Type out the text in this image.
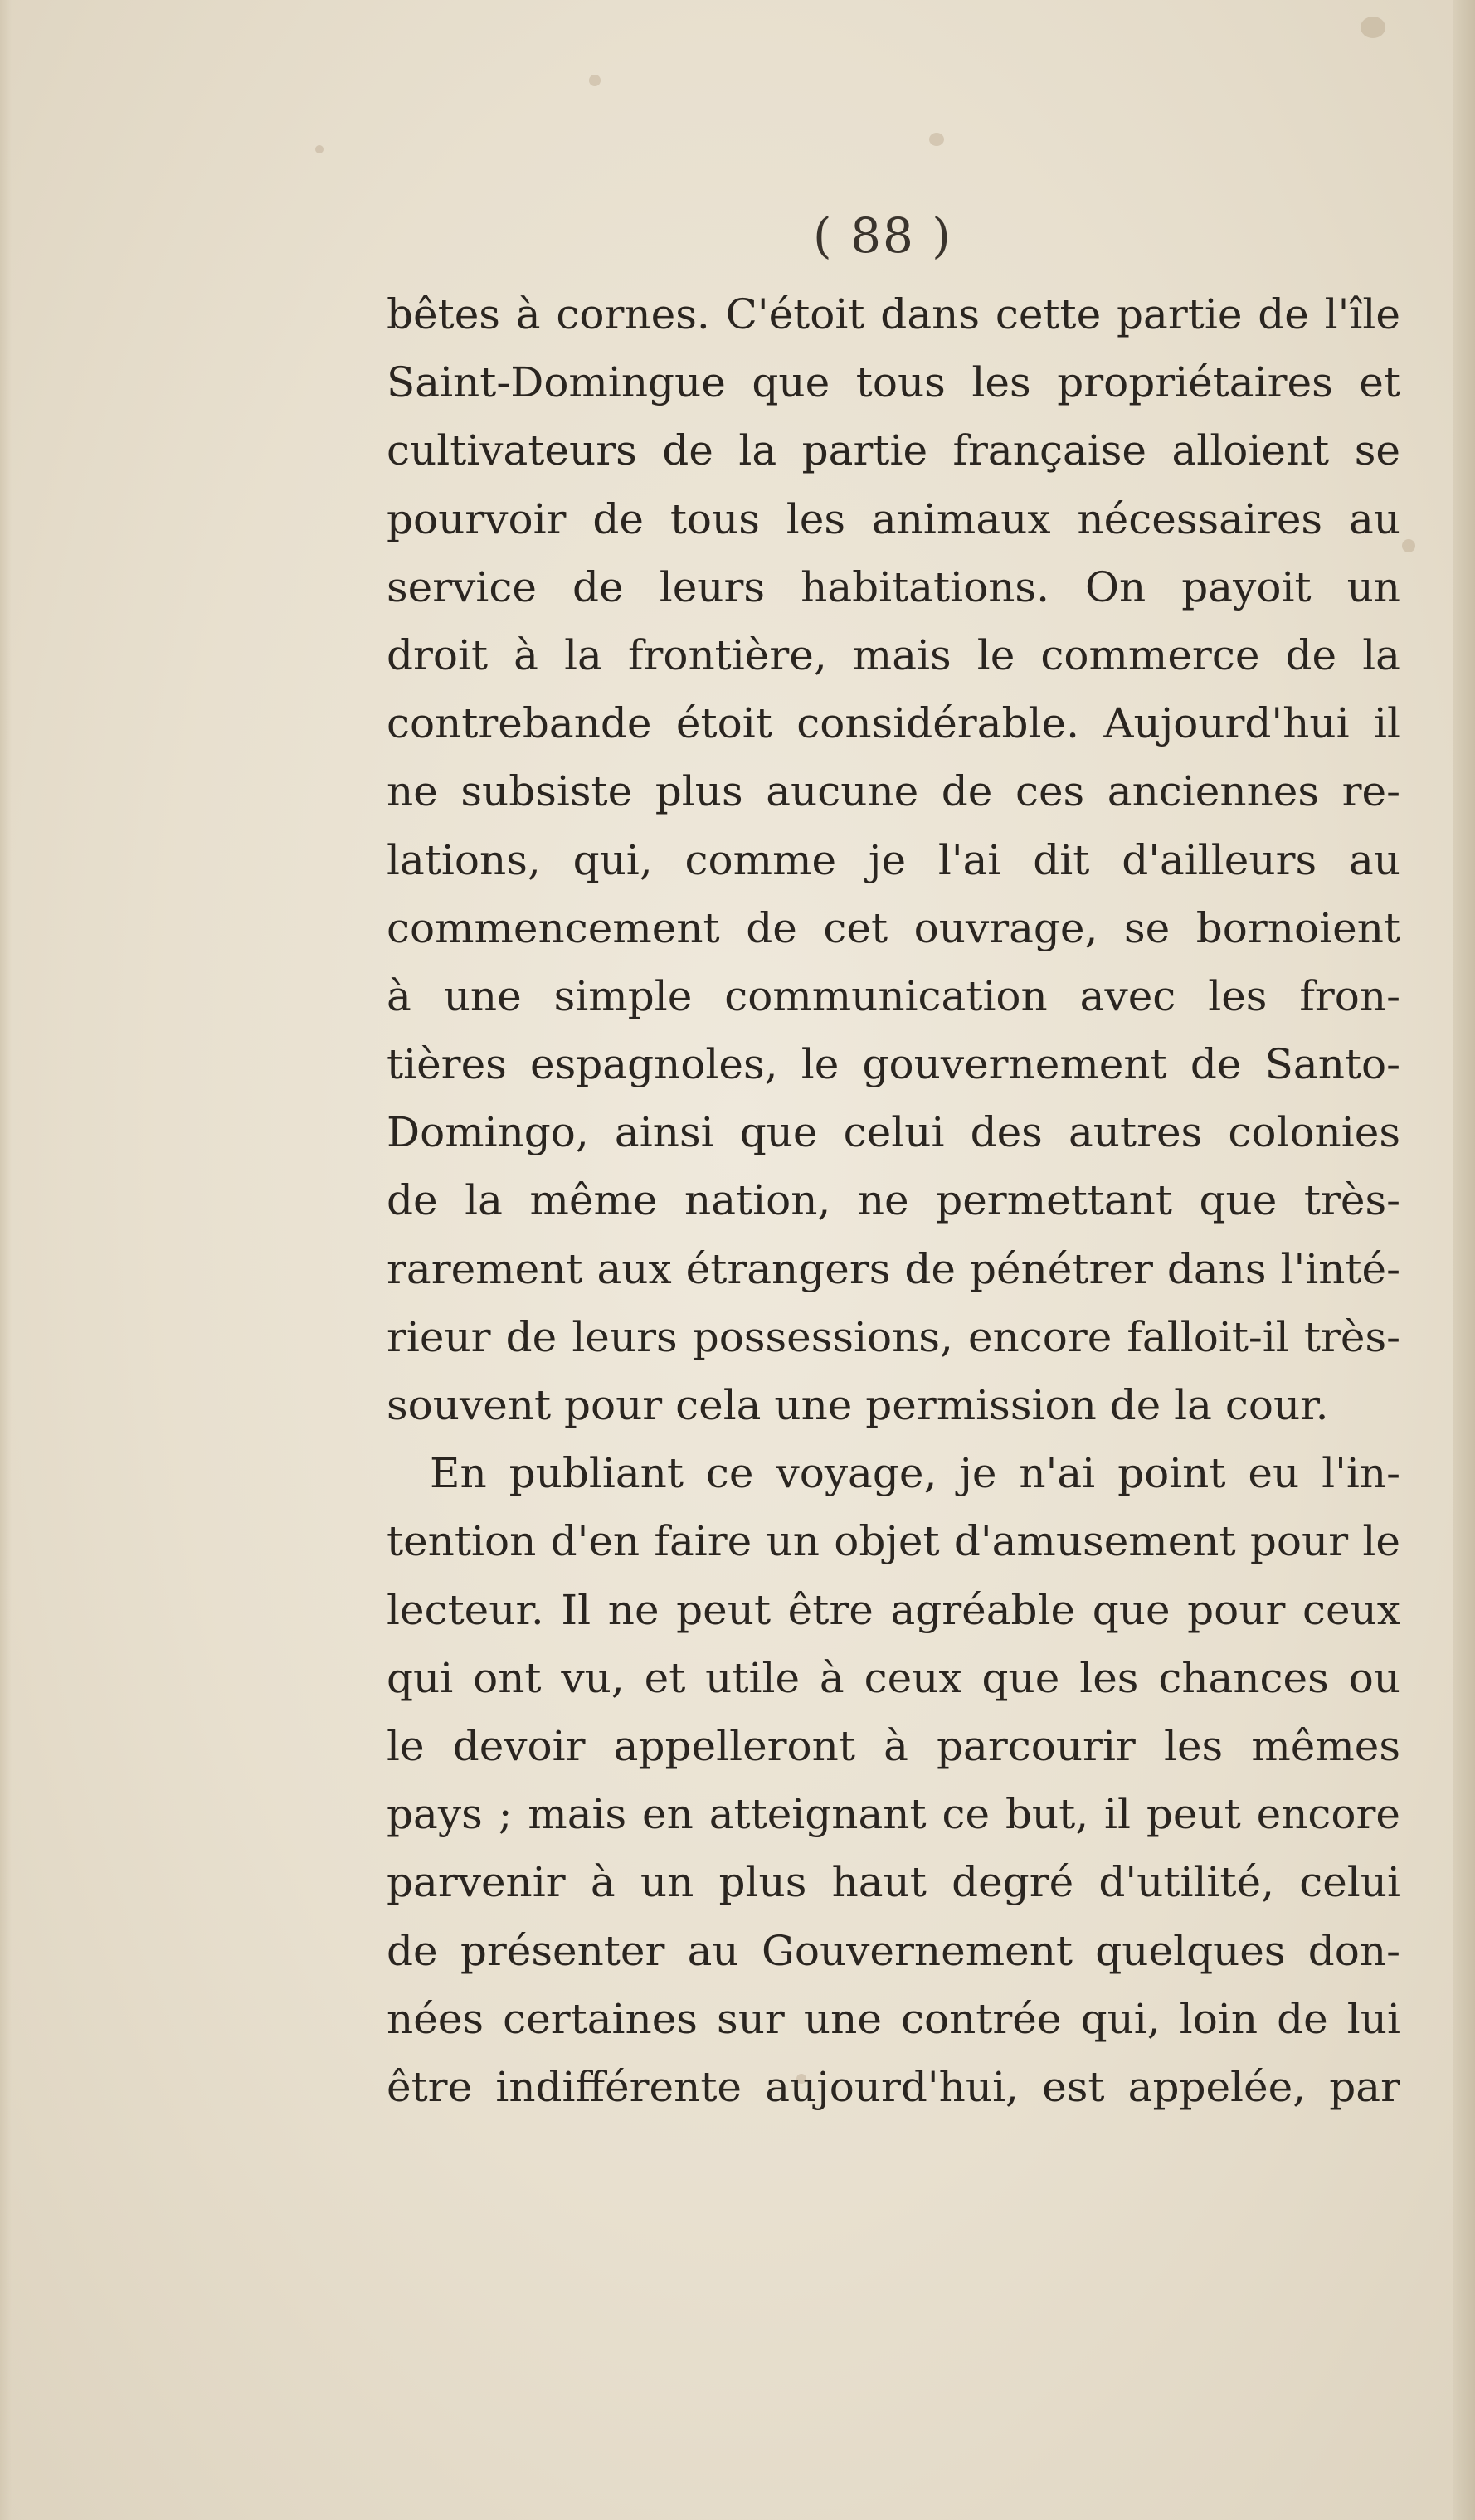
( 88 )
bêtes à cornes. C'étoit dans cette partie de l'île
Saint-Domingue que tous les propriétaires et
cultivateurs de la partie française alloient se
pourvoir de tous les animaux nécessaires au
service de leurs habitations. On payoit un
droit à la frontière, mais le commerce de la
contrebande étoit considérable. Aujourd'hui il
ne subsiste plus aucune de ces anciennes re-
lations, qui, comme je l'ai dit d'ailleurs au
commencement de cet ouvrage, se bornoient
à une simple communication avec les fron-
tières espagnoles, le gouvernement de Santo-
Domingo, ainsi que celui des autres colonies
de la même nation, ne permettant que très-
rarement aux étrangers de pénétrer dans l'inté-
rieur de leurs possessions, encore falloit-il très-
souvent pour cela une permission de la cour.
En publiant ce voyage, je n'ai point eu l'in-
tention d'en faire un objet d'amusement pour le
lecteur. Il ne peut être agréable que pour ceux
qui ont vu, et utile à ceux que les chances ou
le devoir appelleront à parcourir les mêmes
pays ; mais en atteignant ce but, il peut encore
parvenir à un plus haut degré d'utilité, celui
de présenter au Gouvernement quelques don-
nées certaines sur une contrée qui, loin de lui
être indifférente aujourd'hui, est appelée, par
